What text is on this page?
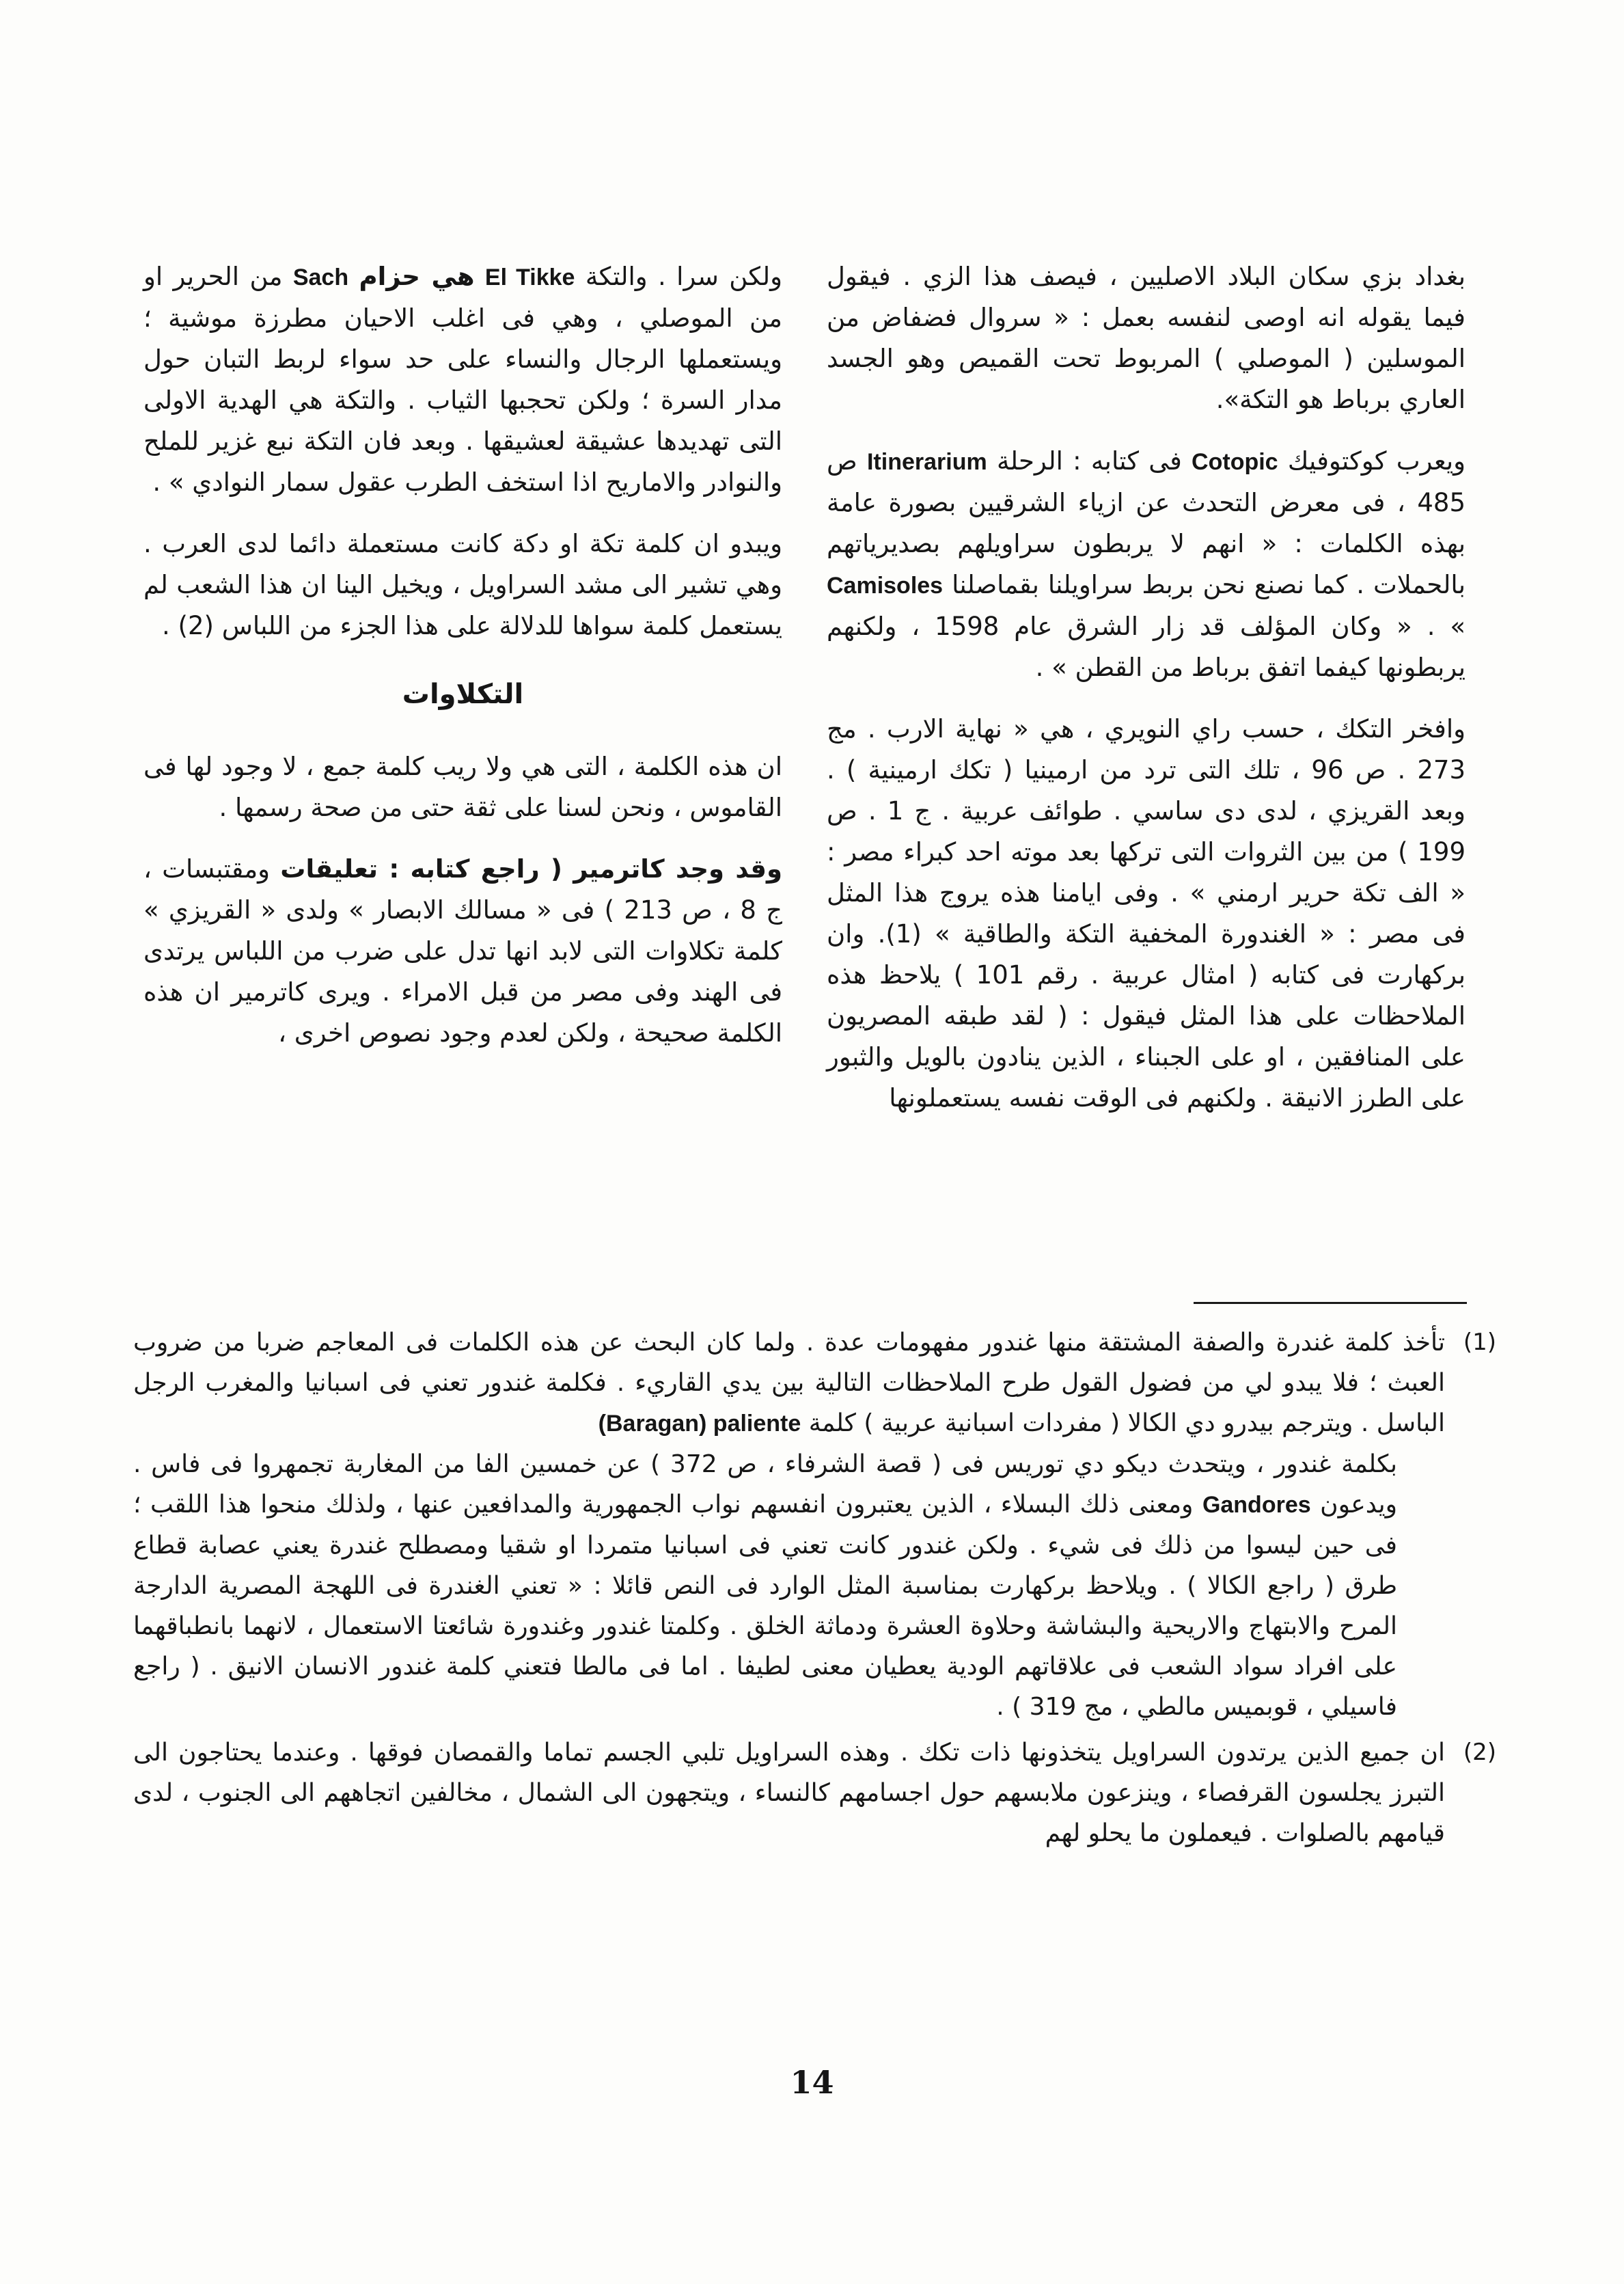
بغداد بزي سكان البلاد الاصليين ، فيصف هذا الزي . فيقول فيما يقوله انه اوصى لنفسه بعمل : « سروال فضفاض من الموسلين ( الموصلي ) المربوط تحت القميص وهو الجسد العاري برباط هو التكة».

ويعرب كوكتوفيك Cotopic فى كتابه : الرحلة Itinerarium ص 485 ، فى معرض التحدث عن ازياء الشرقيين بصورة عامة بهذه الكلمات : « انهم لا يربطون سراويلهم بصديرياتهم بالحملات . كما نصنع نحن بربط سراويلنا بقماصلنا Camisoles » . « وكان المؤلف قد زار الشرق عام 1598 ، ولكنهم يربطونها كيفما اتفق برباط من القطن » .

وافخر التكك ، حسب راي النويري ، هي « نهاية الارب . مج 273 . ص 96 ، تلك التى ترد من ارمينيا ( تكك ارمينية ) . وبعد القريزي ، لدى دى ساسي . طوائف عربية . ج 1 . ص 199 ) من بين الثروات التى تركها بعد موته احد كبراء مصر : « الف تكة حرير ارمني » . وفى ايامنا هذه يروج هذا المثل فى مصر : « الغندورة المخفية التكة والطاقية » (1). وان بركهارت فى كتابه ( امثال عربية . رقم 101 ) يلاحظ هذه الملاحظات على هذا المثل فيقول : ( لقد طبقه المصريون على المنافقين ، او على الجبناء ، الذين ينادون بالويل والثبور على الطرز الانيقة . ولكنهم فى الوقت نفسه يستعملونها

ولكن سرا . والتكة El Tikke هي حزام Sach من الحرير او من الموصلي ، وهي فى اغلب الاحيان مطرزة موشية ؛ ويستعملها الرجال والنساء على حد سواء لربط التبان حول مدار السرة ؛ ولكن تحجبها الثياب . والتكة هي الهدية الاولى التى تهديدها عشيقة لعشيقها . وبعد فان التكة نبع غزير للملح والنوادر والاماريح اذا استخف الطرب عقول سمار النوادي » .

ويبدو ان كلمة تكة او دكة كانت مستعملة دائما لدى العرب . وهي تشير الى مشد السراويل ، ويخيل الينا ان هذا الشعب لم يستعمل كلمة سواها للدلالة على هذا الجزء من اللباس (2) .

التكلاوات

ان هذه الكلمة ، التى هي ولا ريب كلمة جمع ، لا وجود لها فى القاموس ، ونحن لسنا على ثقة حتى من صحة رسمها .

وقد وجد كاترمير ( راجع كتابه : تعليقات ومقتبسات ، ج 8 ، ص 213 ) فى « مسالك الابصار » ولدى « القريزي » كلمة تكلاوات التى لابد انها تدل على ضرب من اللباس يرتدى فى الهند وفى مصر من قبل الامراء . ويرى كاترمير ان هذه الكلمة صحيحة ، ولكن لعدم وجود نصوص اخرى ،

(1)
تأخذ كلمة غندرة والصفة المشتقة منها غندور مفهومات عدة . ولما كان البحث عن هذه الكلمات فى المعاجم ضربا من ضروب العبث ؛ فلا يبدو لي من فضول القول طرح الملاحظات التالية بين يدي القاريء . فكلمة غندور تعني فى اسبانيا والمغرب الرجل الباسل . ويترجم بيدرو دي الكالا ( مفردات اسبانية عربية ) كلمة (Baragan) paliente
بكلمة غندور ، ويتحدث ديكو دي توريس فى ( قصة الشرفاء ، ص 372 ) عن خمسين الفا من المغاربة تجمهروا فى فاس . ويدعون Gandores ومعنى ذلك البسلاء ، الذين يعتبرون انفسهم نواب الجمهورية والمدافعين عنها ، ولذلك منحوا هذا اللقب ؛ فى حين ليسوا من ذلك فى شيء . ولكن غندور كانت تعني فى اسبانيا متمردا او شقيا ومصطلح غندرة يعني عصابة قطاع طرق ( راجع الكالا ) . ويلاحظ بركهارت بمناسبة المثل الوارد فى النص قائلا : « تعني الغندرة فى اللهجة المصرية الدارجة المرح والابتهاج والاريحية والبشاشة وحلاوة العشرة ودماثة الخلق . وكلمتا غندور وغندورة شائعتا الاستعمال ، لانهما بانطباقهما على افراد سواد الشعب فى علاقاتهم الودية يعطيان معنى لطيفا . اما فى مالطا فتعني كلمة غندور الانسان الانيق . ( راجع فاسيلي ، قوبميس مالطي ، مج 319 ) .
(2)
ان جميع الذين يرتدون السراويل يتخذونها ذات تكك . وهذه السراويل تلبي الجسم تماما والقمصان فوقها . وعندما يحتاجون الى التبرز يجلسون القرفصاء ، وينزعون ملابسهم حول اجسامهم كالنساء ، ويتجهون الى الشمال ، مخالفين اتجاههم الى الجنوب ، لدى قيامهم بالصلوات . فيعملون ما يحلو لهم
14
